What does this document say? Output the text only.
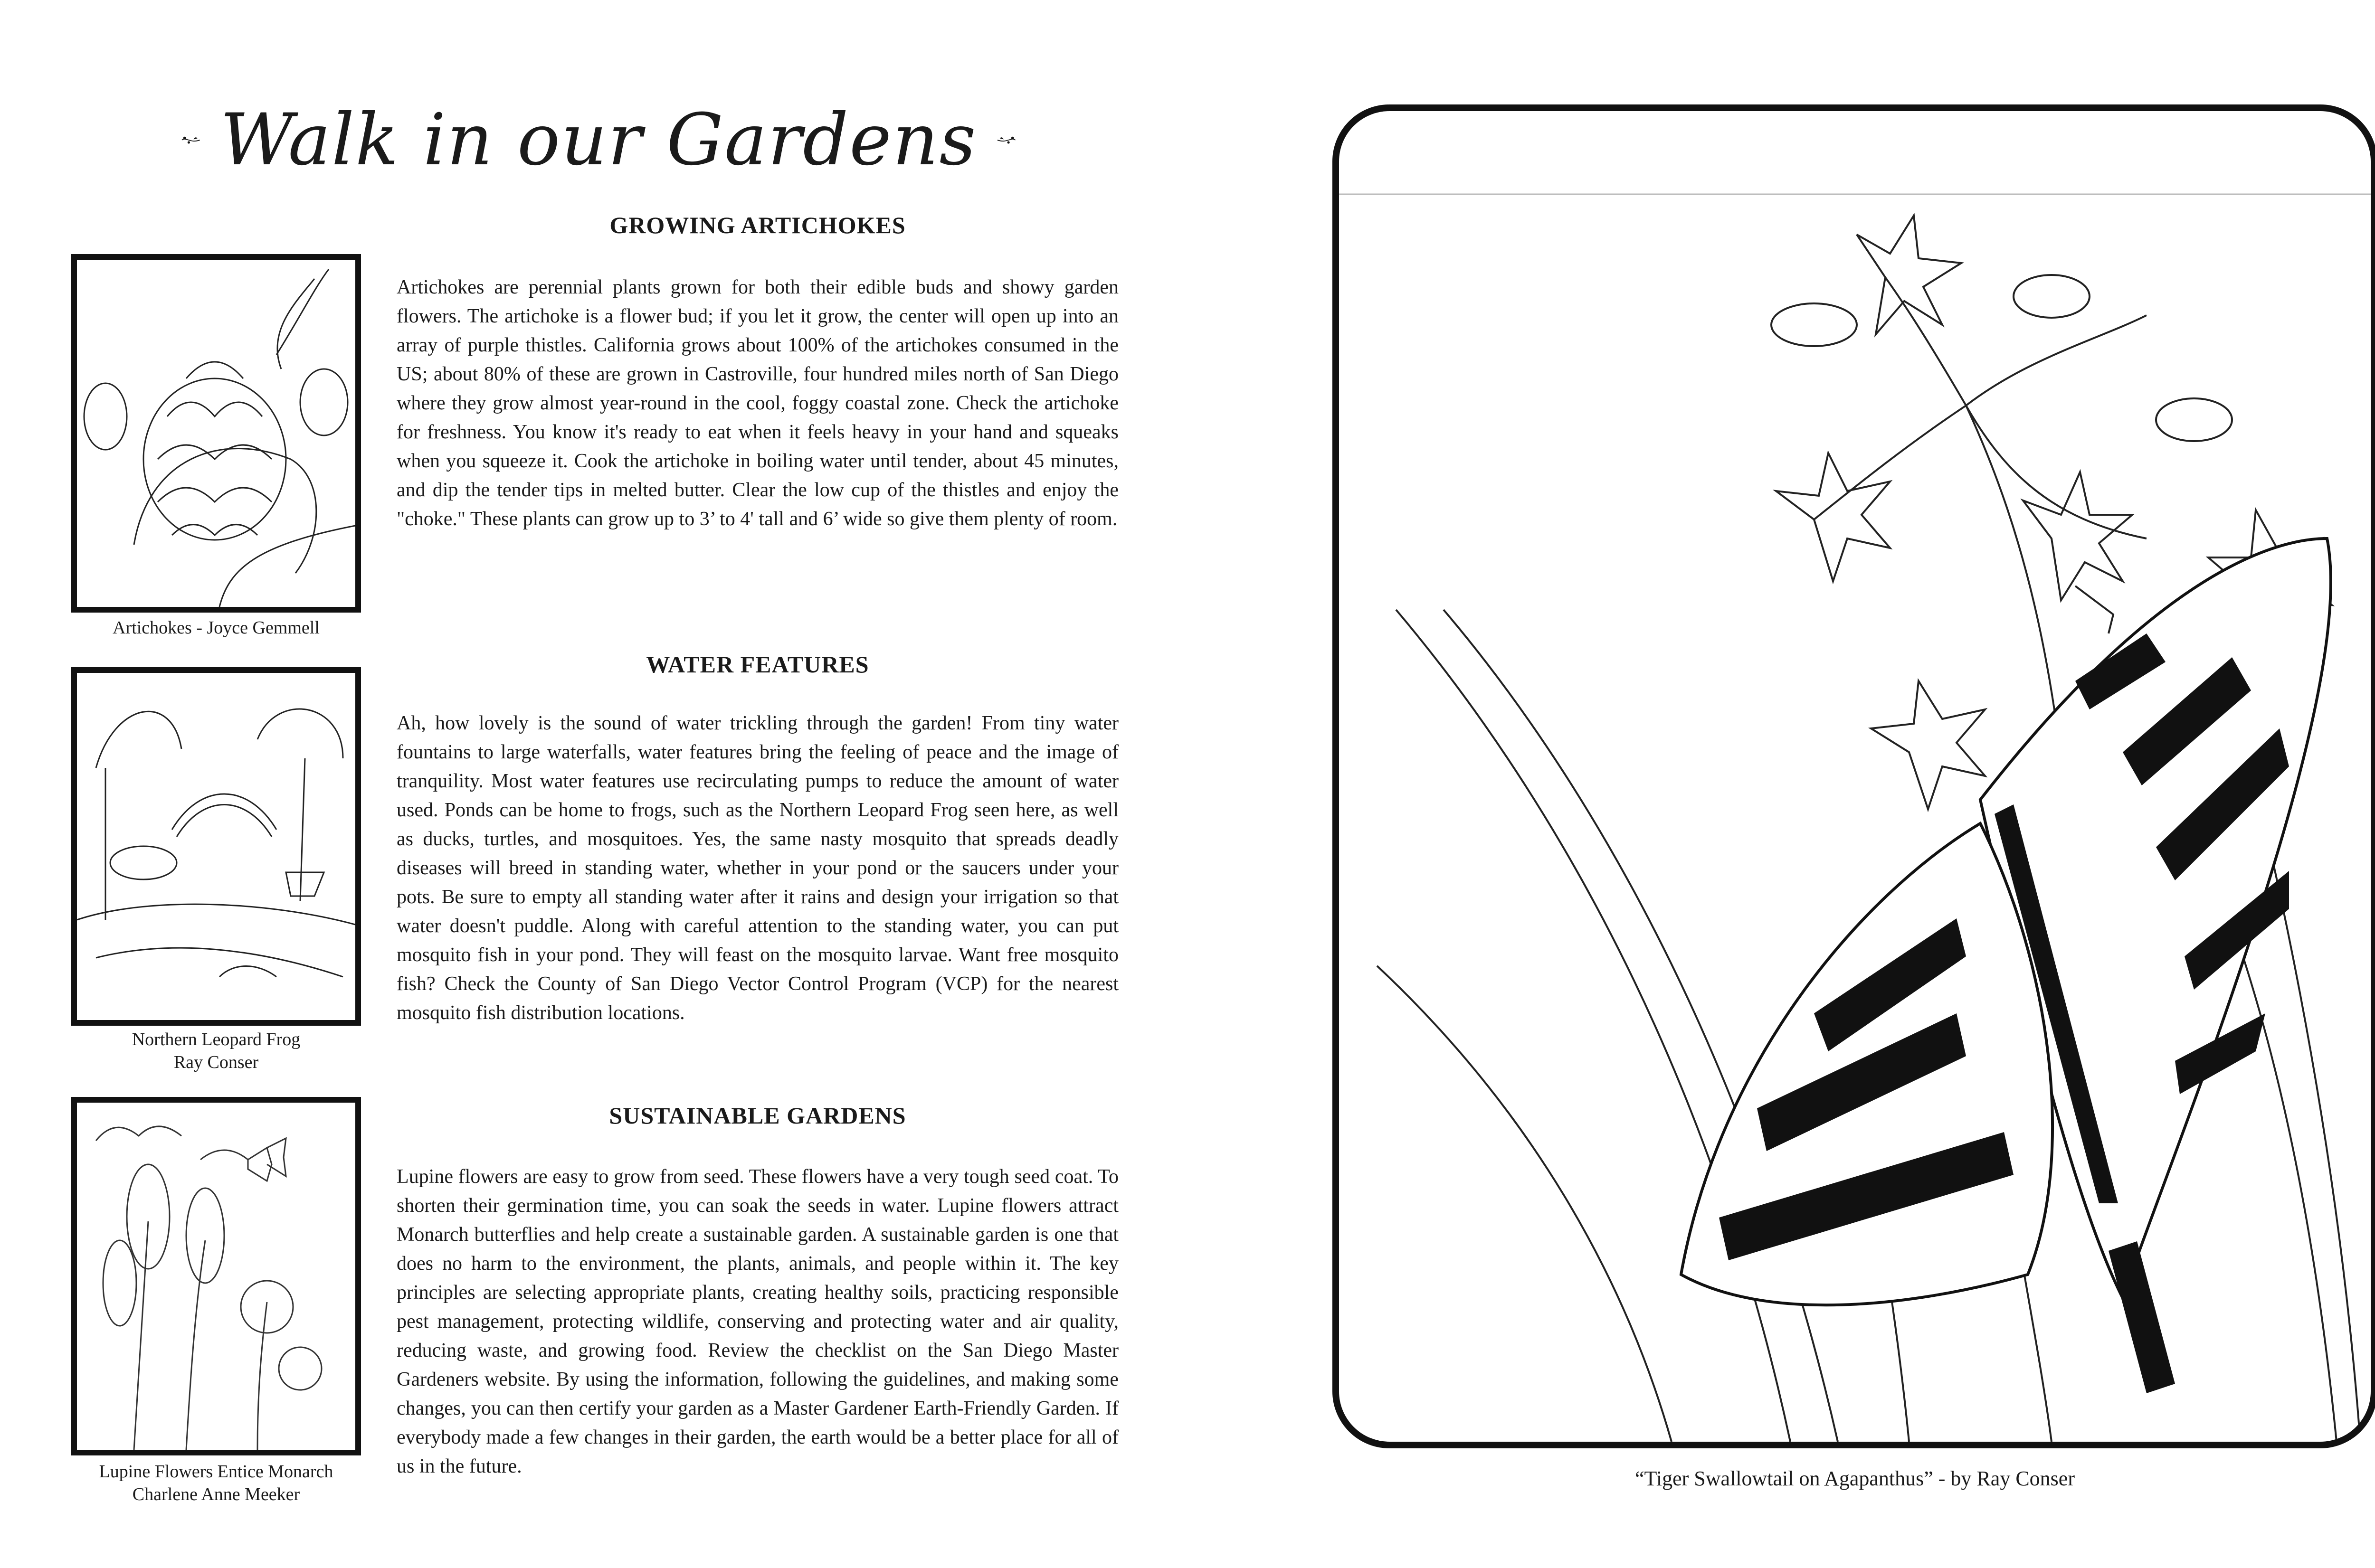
Walk in our Gardens
GROWING ARTICHOKES

Artichokes are perennial plants grown for both their edible buds and showy garden flowers. The artichoke is a flower bud; if you let it grow, the center will open up into an array of purple thistles. California grows about 100% of the artichokes consumed in the US; about 80% of these are grown in Castroville, four hundred miles north of San Diego where they grow almost year-round in the cool, foggy coastal zone. Check the artichoke for freshness. You know it's ready to eat when it feels heavy in your hand and squeaks when you squeeze it. Cook the artichoke in boiling water until tender, about 45 minutes, and dip the tender tips in melted butter. Clear the low cup of the thistles and enjoy the "choke." These plants can grow up to 3’ to 4' tall and 6’ wide so give them plenty of room.

Artichokes - Joyce Gemmell
WATER FEATURES

Ah, how lovely is the sound of water trickling through the garden! From tiny water fountains to large waterfalls, water features bring the feeling of peace and the image of tranquility. Most water features use recirculating pumps to reduce the amount of water used. Ponds can be home to frogs, such as the Northern Leopard Frog seen here, as well as ducks, turtles, and mosquitoes. Yes, the same nasty mosquito that spreads deadly diseases will breed in standing water, whether in your pond or the saucers under your pots. Be sure to empty all standing water after it rains and design your irrigation so that water doesn't puddle. Along with careful attention to the standing water, you can put mosquito fish in your pond. They will feast on the mosquito larvae. Want free mosquito fish? Check the County of San Diego Vector Control Program (VCP) for the nearest mosquito fish distribution locations.

Northern Leopard Frog
Ray Conser
SUSTAINABLE GARDENS

Lupine flowers are easy to grow from seed. These flowers have a very tough seed coat. To shorten their germination time, you can soak the seeds in water. Lupine flowers attract Monarch butterflies and help create a sustainable garden. A sustainable garden is one that does no harm to the environment, the plants, animals, and people within it. The key principles are selecting appropriate plants, creating healthy soils, practicing responsible pest management, protecting wildlife, conserving and protecting water and air quality, reducing waste, and growing food. Review the checklist on the San Diego Master Gardeners website. By using the information, following the guidelines, and making some changes, you can then certify your garden as a Master Gardener Earth-Friendly Garden. If everybody made a few changes in their garden, the earth would be a better place for all of us in the future.

Lupine Flowers Entice Monarch
Charlene Anne Meeker
“Tiger Swallowtail on Agapanthus” - by Ray Conser
